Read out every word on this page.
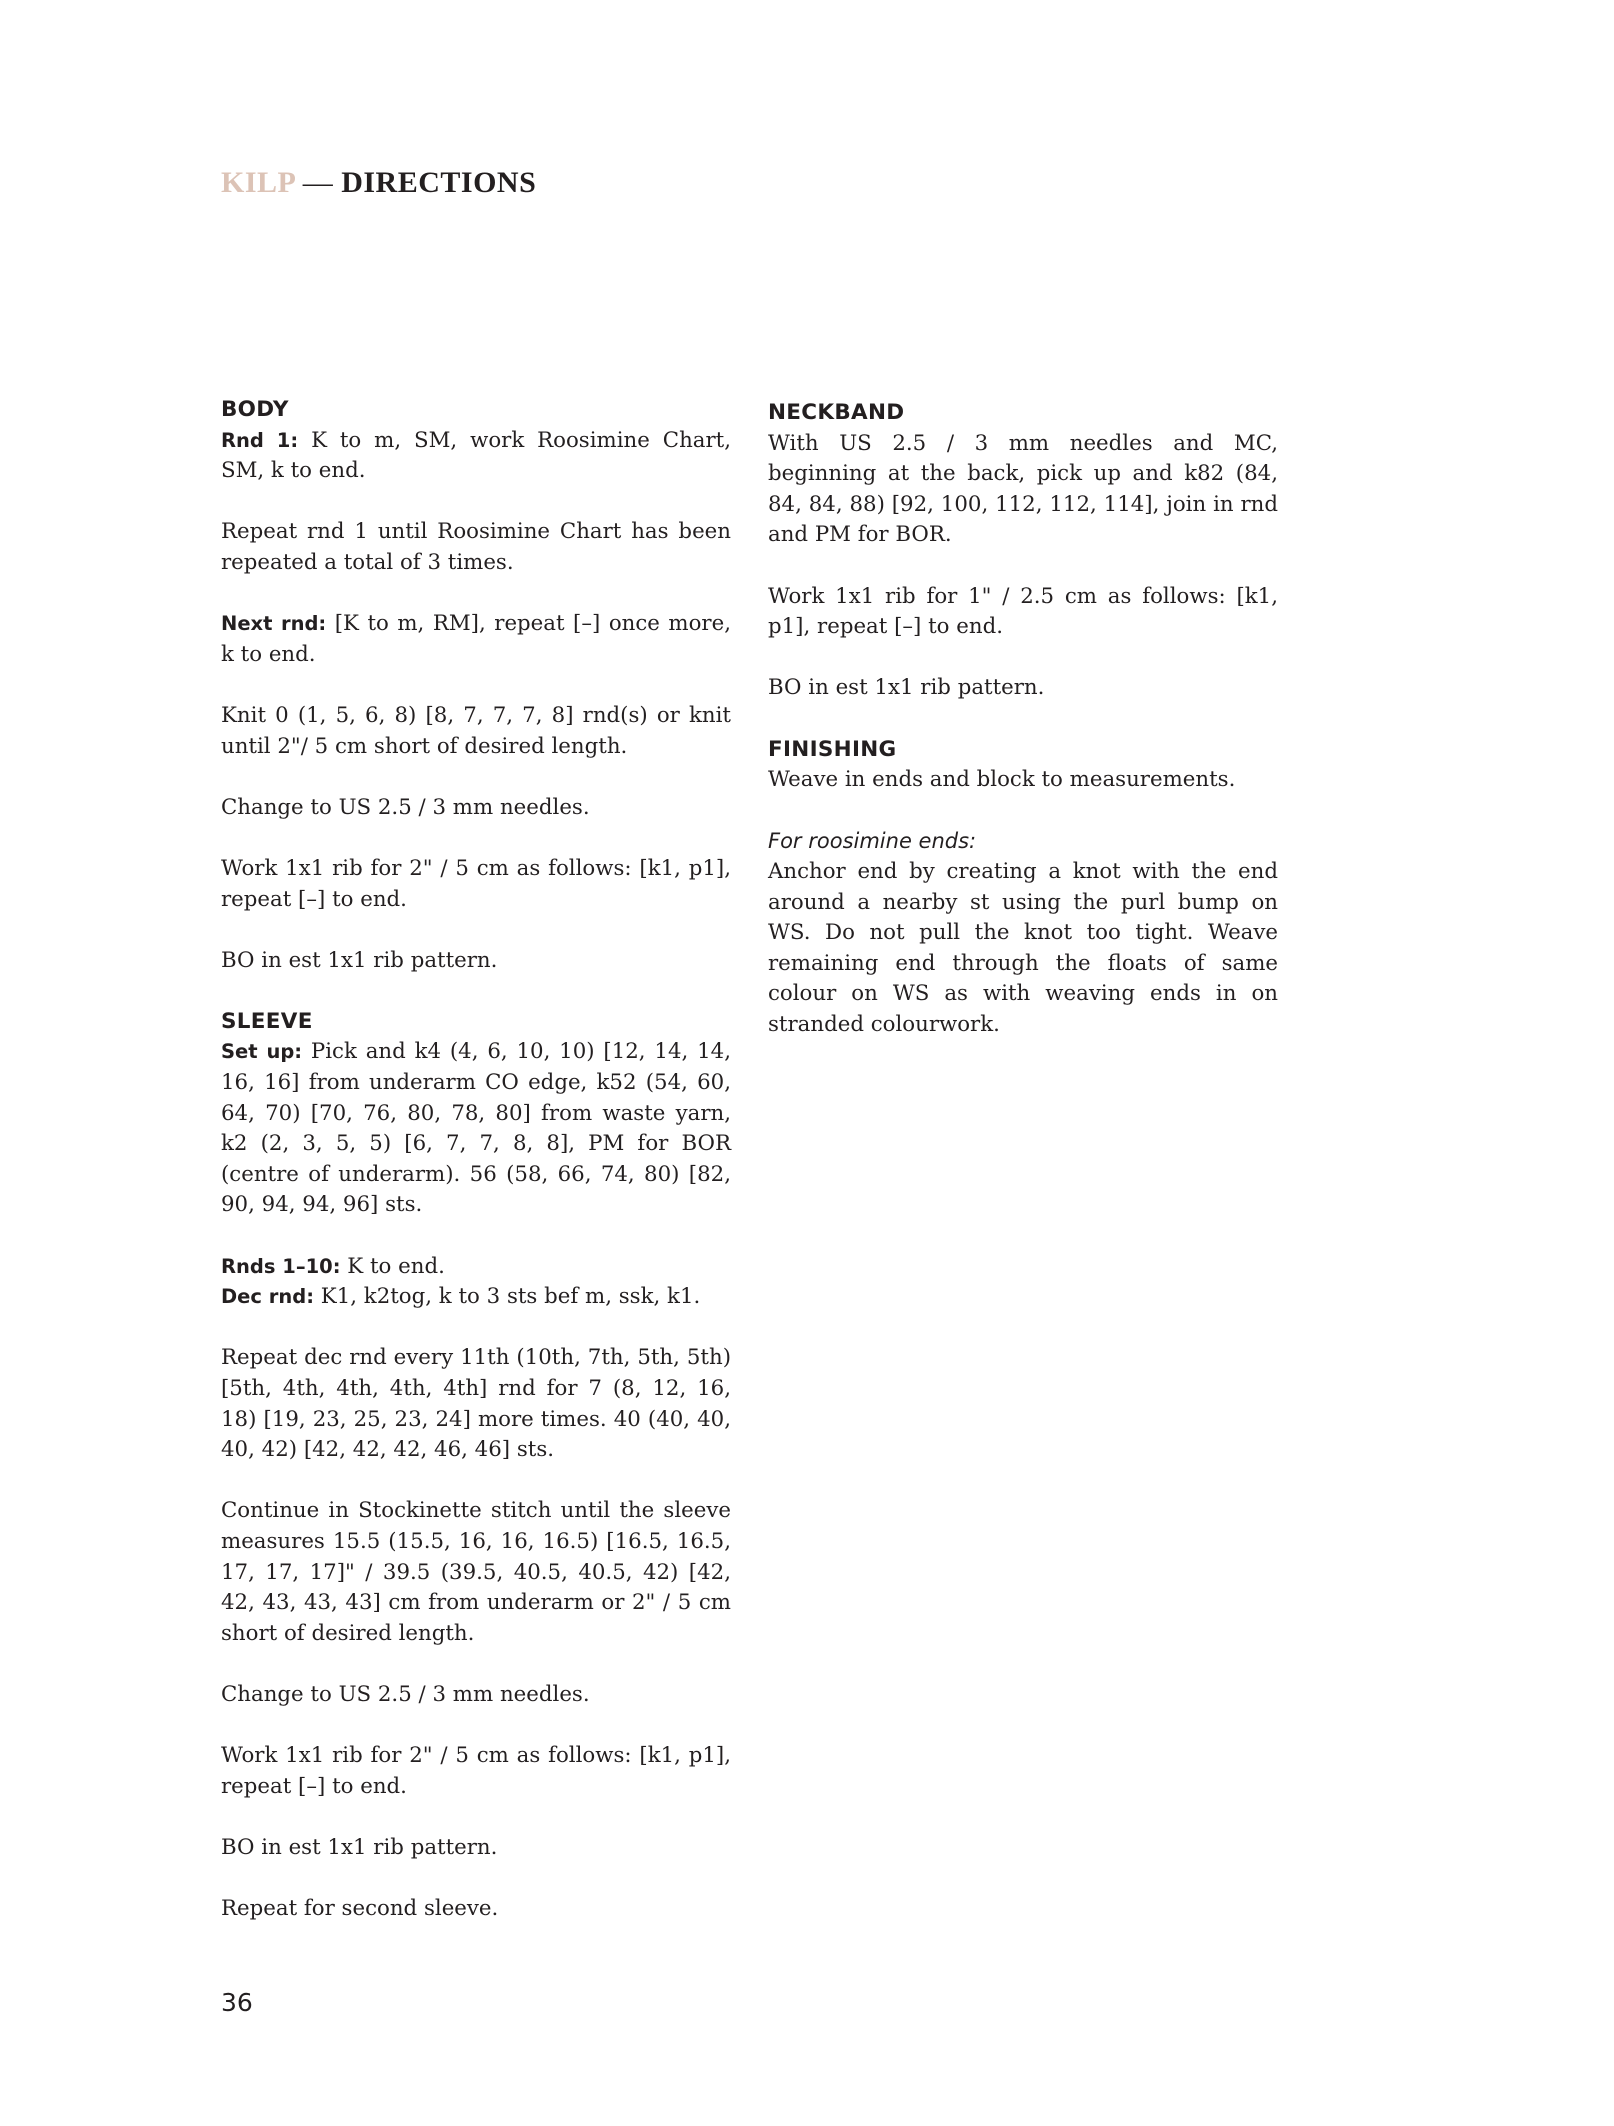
KILP — DIRECTIONS
BODY

Rnd 1: K to m, SM, work Roosimine Chart, SM, k to end.

Repeat rnd 1 until Roosimine Chart has been repeated a total of 3 times.

Next rnd: [K to m, RM], repeat [–] once more, k to end.

Knit 0 (1, 5, 6, 8) [8, 7, 7, 7, 8] rnd(s) or knit until 2"/ 5 cm short of desired length.

Change to US 2.5 / 3 mm needles.

Work 1x1 rib for 2" / 5 cm as follows: [k1, p1], repeat [–] to end.

BO in est 1x1 rib pattern.

SLEEVE

Set up: Pick and k4 (4, 6, 10, 10) [12, 14, 14, 16, 16] from underarm CO edge, k52 (54, 60, 64, 70) [70, 76, 80, 78, 80] from waste yarn, k2 (2, 3, 5, 5) [6, 7, 7, 8, 8], PM for BOR (centre of underarm). 56 (58, 66, 74, 80) [82, 90, 94, 94, 96] sts.

Rnds 1–10: K to end.

Dec rnd: K1, k2tog, k to 3 sts bef m, ssk, k1.

Repeat dec rnd every 11th (10th, 7th, 5th, 5th) [5th, 4th, 4th, 4th, 4th] rnd for 7 (8, 12, 16, 18) [19, 23, 25, 23, 24] more times. 40 (40, 40, 40, 42) [42, 42, 42, 46, 46] sts.

Continue in Stockinette stitch until the sleeve measures 15.5 (15.5, 16, 16, 16.5) [16.5, 16.5, 17, 17, 17]" / 39.5 (39.5, 40.5, 40.5, 42) [42, 42, 43, 43, 43] cm from underarm or 2" / 5 cm short of desired length.

Change to US 2.5 / 3 mm needles.

Work 1x1 rib for 2" / 5 cm as follows: [k1, p1], repeat [–] to end.

BO in est 1x1 rib pattern.

Repeat for second sleeve.

NECKBAND

With US 2.5 / 3 mm needles and MC, beginning at the back, pick up and k82 (84, 84, 84, 88) [92, 100, 112, 112, 114], join in rnd and PM for BOR.

Work 1x1 rib for 1" / 2.5 cm as follows: [k1, p1], repeat [–] to end.

BO in est 1x1 rib pattern.

FINISHING

Weave in ends and block to measurements.

For roosimine ends:

Anchor end by creating a knot with the end around a nearby st using the purl bump on WS. Do not pull the knot too tight. Weave remaining end through the floats of same colour on WS as with weaving ends in on stranded colourwork.

36
